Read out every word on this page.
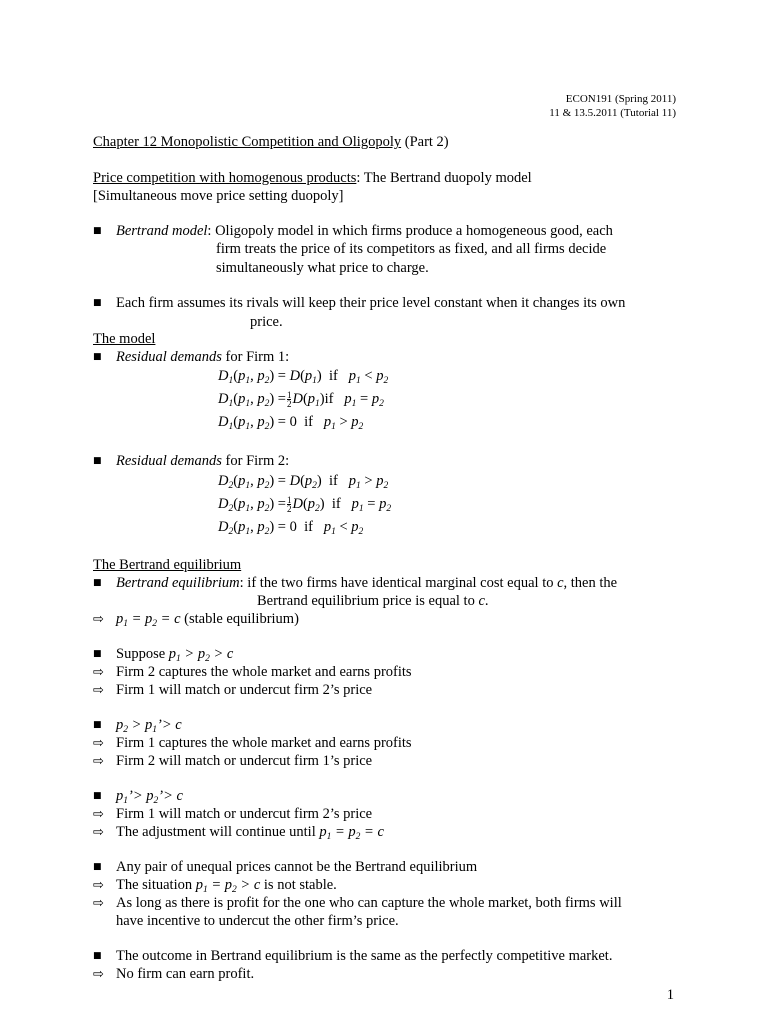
ECON191 (Spring 2011)
11 & 13.5.2011 (Tutorial 11)
Chapter 12 Monopolistic Competition and Oligopoly (Part 2)
Price competition with homogenous products: The Bertrand duopoly model
[Simultaneous move price setting duopoly]
■ Bertrand model: Oligopoly model in which firms produce a homogeneous good, each
firm treats the price of its competitors as fixed, and all firms decide
simultaneously what price to charge.
■ Each firm assumes its rivals will keep their price level constant when it changes its own
price.
The model
■ Residual demands for Firm 1:
$D_1(p_1$, $p_2) = D(p_1)$  if   $p_1 < p_2$
$D_1(p_1$, $p_2) = \frac{1}{2} D(p_1)if$   $p_1 = p_2$
$D_1(p_1$, $p_2) = 0$ if   $p_1 > p_2$
■ Residual demands for Firm 2:
$D_2(p_1$, $p_2) = D(p_2)$  if   $p_1 > p_2$
$D_2(p_1$, $p_2) = \frac{1}{2} D(p_2)$  if   $p_1 = p_2$
$D_2(p_1$, $p_2) = 0$ if   $p_1 < p_2$
The Bertrand equilibrium
■ Bertrand equilibrium: if the two firms have identical marginal cost equal to c, then the
Bertrand equilibrium price is equal to c.
⇨ $p_1 = p_2 = c$ (stable equilibrium)
■ Suppose $p_1 > p_2 > c$
⇨ Firm 2 captures the whole market and earns profits
⇨ Firm 1 will match or undercut firm 2’s price
■ $p_2$ > $p_1’> c$
⇨ Firm 1 captures the whole market and earns profits
⇨ Firm 2 will match or undercut firm 1’s price
■ $p_1’>$ $p_2’> c$
⇨ Firm 1 will match or undercut firm 2’s price
⇨ The adjustment will continue until $p_1 = p_2 = c$
■ Any pair of unequal prices cannot be the Bertrand equilibrium
⇨ The situation $p_1 = p_2 > c$ is not stable.
⇨ As long as there is profit for the one who can capture the whole market, both firms will
have incentive to undercut the other firm’s price.
■ The outcome in Bertrand equilibrium is the same as the perfectly competitive market.
⇨ No firm can earn profit.
1
